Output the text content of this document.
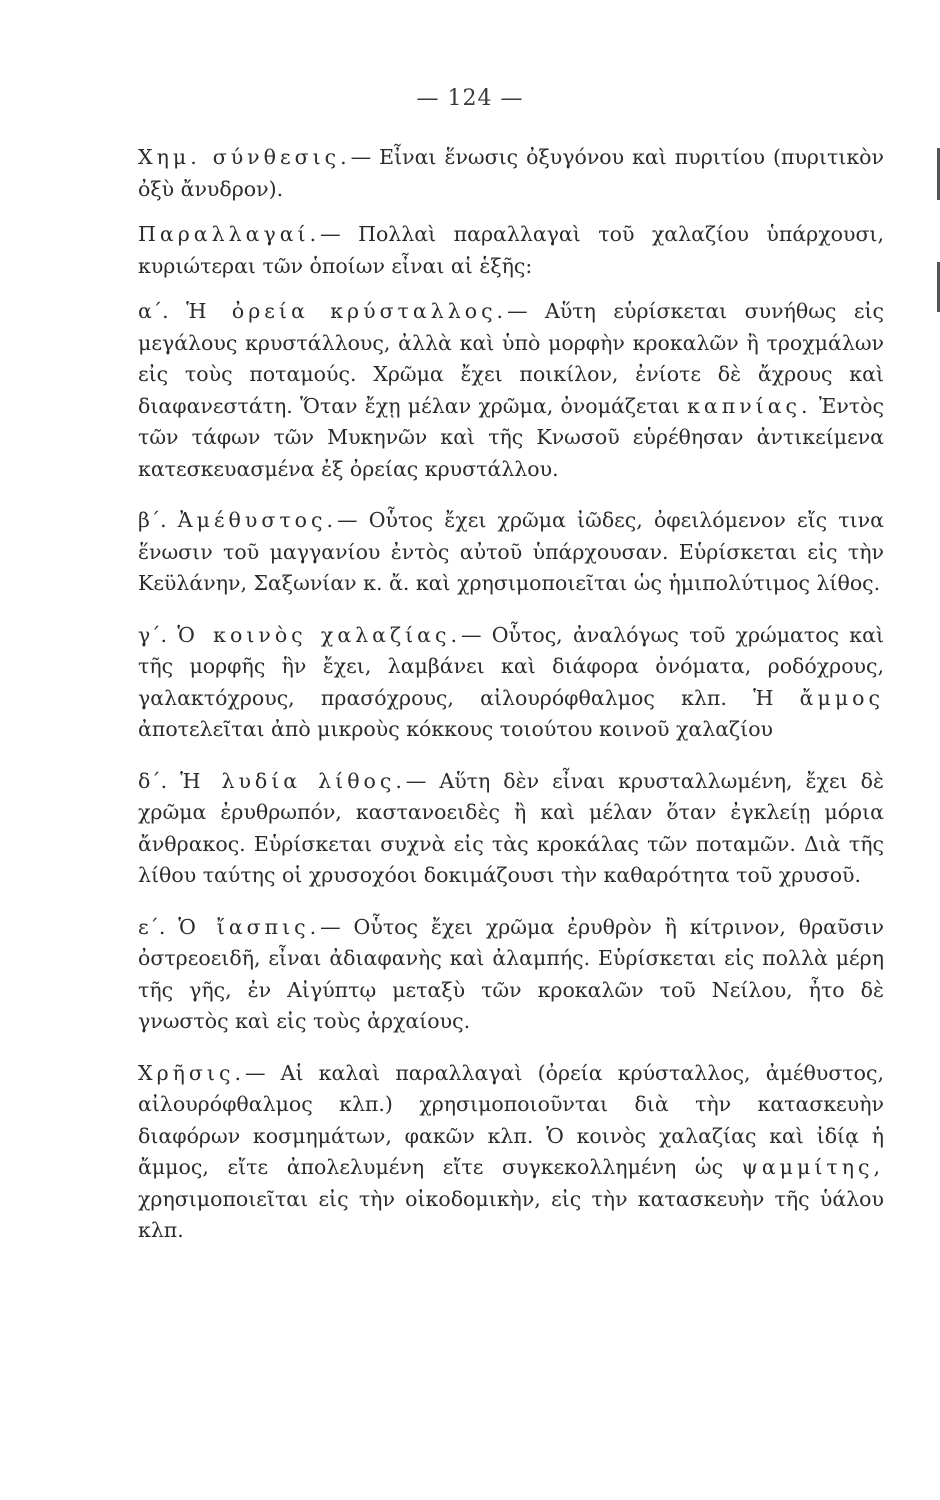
— 124 —

Χημ. σύνθεσις.— Εἶναι ἕνωσις ὀξυγόνου καὶ πυριτίου (πυριτικὸν ὀξὺ ἄνυδρον).

Παραλλαγαί.— Πολλαὶ παραλλαγαὶ τοῦ χαλαζίου ὑπάρχουσι, κυριώτεραι τῶν ὁποίων εἶναι αἱ ἑξῆς:

α΄. Ἡ ὀρεία κρύσταλλος.— Αὕτη εὑρίσκεται συνήθως εἰς μεγάλους κρυστάλλους, ἀλλὰ καὶ ὑπὸ μορφὴν κροκαλῶν ἢ τροχμάλων εἰς τοὺς ποταμούς. Χρῶμα ἔχει ποικίλον, ἐνίοτε δὲ ἄχρους καὶ διαφανεστάτη. Ὅταν ἔχῃ μέλαν χρῶμα, ὀνομάζεται καπνίας. Ἐντὸς τῶν τάφων τῶν Μυκηνῶν καὶ τῆς Κνωσοῦ εὑρέθησαν ἀντικείμενα κατεσκευασμένα ἐξ ὀρείας κρυστάλλου.

β΄. Ἀμέθυστος.— Οὗτος ἔχει χρῶμα ἰῶδες, ὀφειλόμενον εἴς τινα ἕνωσιν τοῦ μαγγανίου ἐντὸς αὐτοῦ ὑπάρχουσαν. Εὑρίσκεται εἰς τὴν Κεϋλάνην, Σαξωνίαν κ. ἄ. καὶ χρησιμοποιεῖται ὡς ἡμιπολύτιμος λίθος.

γ΄. Ὁ κοινὸς χαλαζίας.— Οὗτος, ἀναλόγως τοῦ χρώματος καὶ τῆς μορφῆς ἣν ἔχει, λαμβάνει καὶ διάφορα ὀνόματα, ροδόχρους, γαλακτόχρους, πρασόχρους, αἰλουρόφθαλμος κλπ. Ἡ ἄμμος ἀποτελεῖται ἀπὸ μικροὺς κόκκους τοιούτου κοινοῦ χαλαζίου

δ΄. Ἡ λυδία λίθος.— Αὕτη δὲν εἶναι κρυσταλλωμένη, ἔχει δὲ χρῶμα ἐρυθρωπόν, καστανοειδὲς ἢ καὶ μέλαν ὅταν ἐγκλείῃ μόρια ἄνθρακος. Εὑρίσκεται συχνὰ εἰς τὰς κροκάλας τῶν ποταμῶν. Διὰ τῆς λίθου ταύτης οἱ χρυσοχόοι δοκιμάζουσι τὴν καθαρότητα τοῦ χρυσοῦ.

ε΄. Ὁ ἴασπις.— Οὗτος ἔχει χρῶμα ἐρυθρὸν ἢ κίτρινον, θραῦσιν ὀστρεοειδῆ, εἶναι ἀδιαφανὴς καὶ ἀλαμπής. Εὑρίσκεται εἰς πολλὰ μέρη τῆς γῆς, ἐν Αἰγύπτῳ μεταξὺ τῶν κροκαλῶν τοῦ Νείλου, ἦτο δὲ γνωστὸς καὶ εἰς τοὺς ἀρχαίους.

Χρῆσις.— Αἱ καλαὶ παραλλαγαὶ (ὀρεία κρύσταλλος, ἀμέθυστος, αἰλουρόφθαλμος κλπ.) χρησιμοποιοῦνται διὰ τὴν κατασκευὴν διαφόρων κοσμημάτων, φακῶν κλπ. Ὁ κοινὸς χαλαζίας καὶ ἰδίᾳ ἡ ἄμμος, εἴτε ἀπολελυμένη εἴτε συγκεκολλημένη ὡς ψαμμίτης, χρησιμοποιεῖται εἰς τὴν οἰκοδομικὴν, εἰς τὴν κατασκευὴν τῆς ὑάλου κλπ.
